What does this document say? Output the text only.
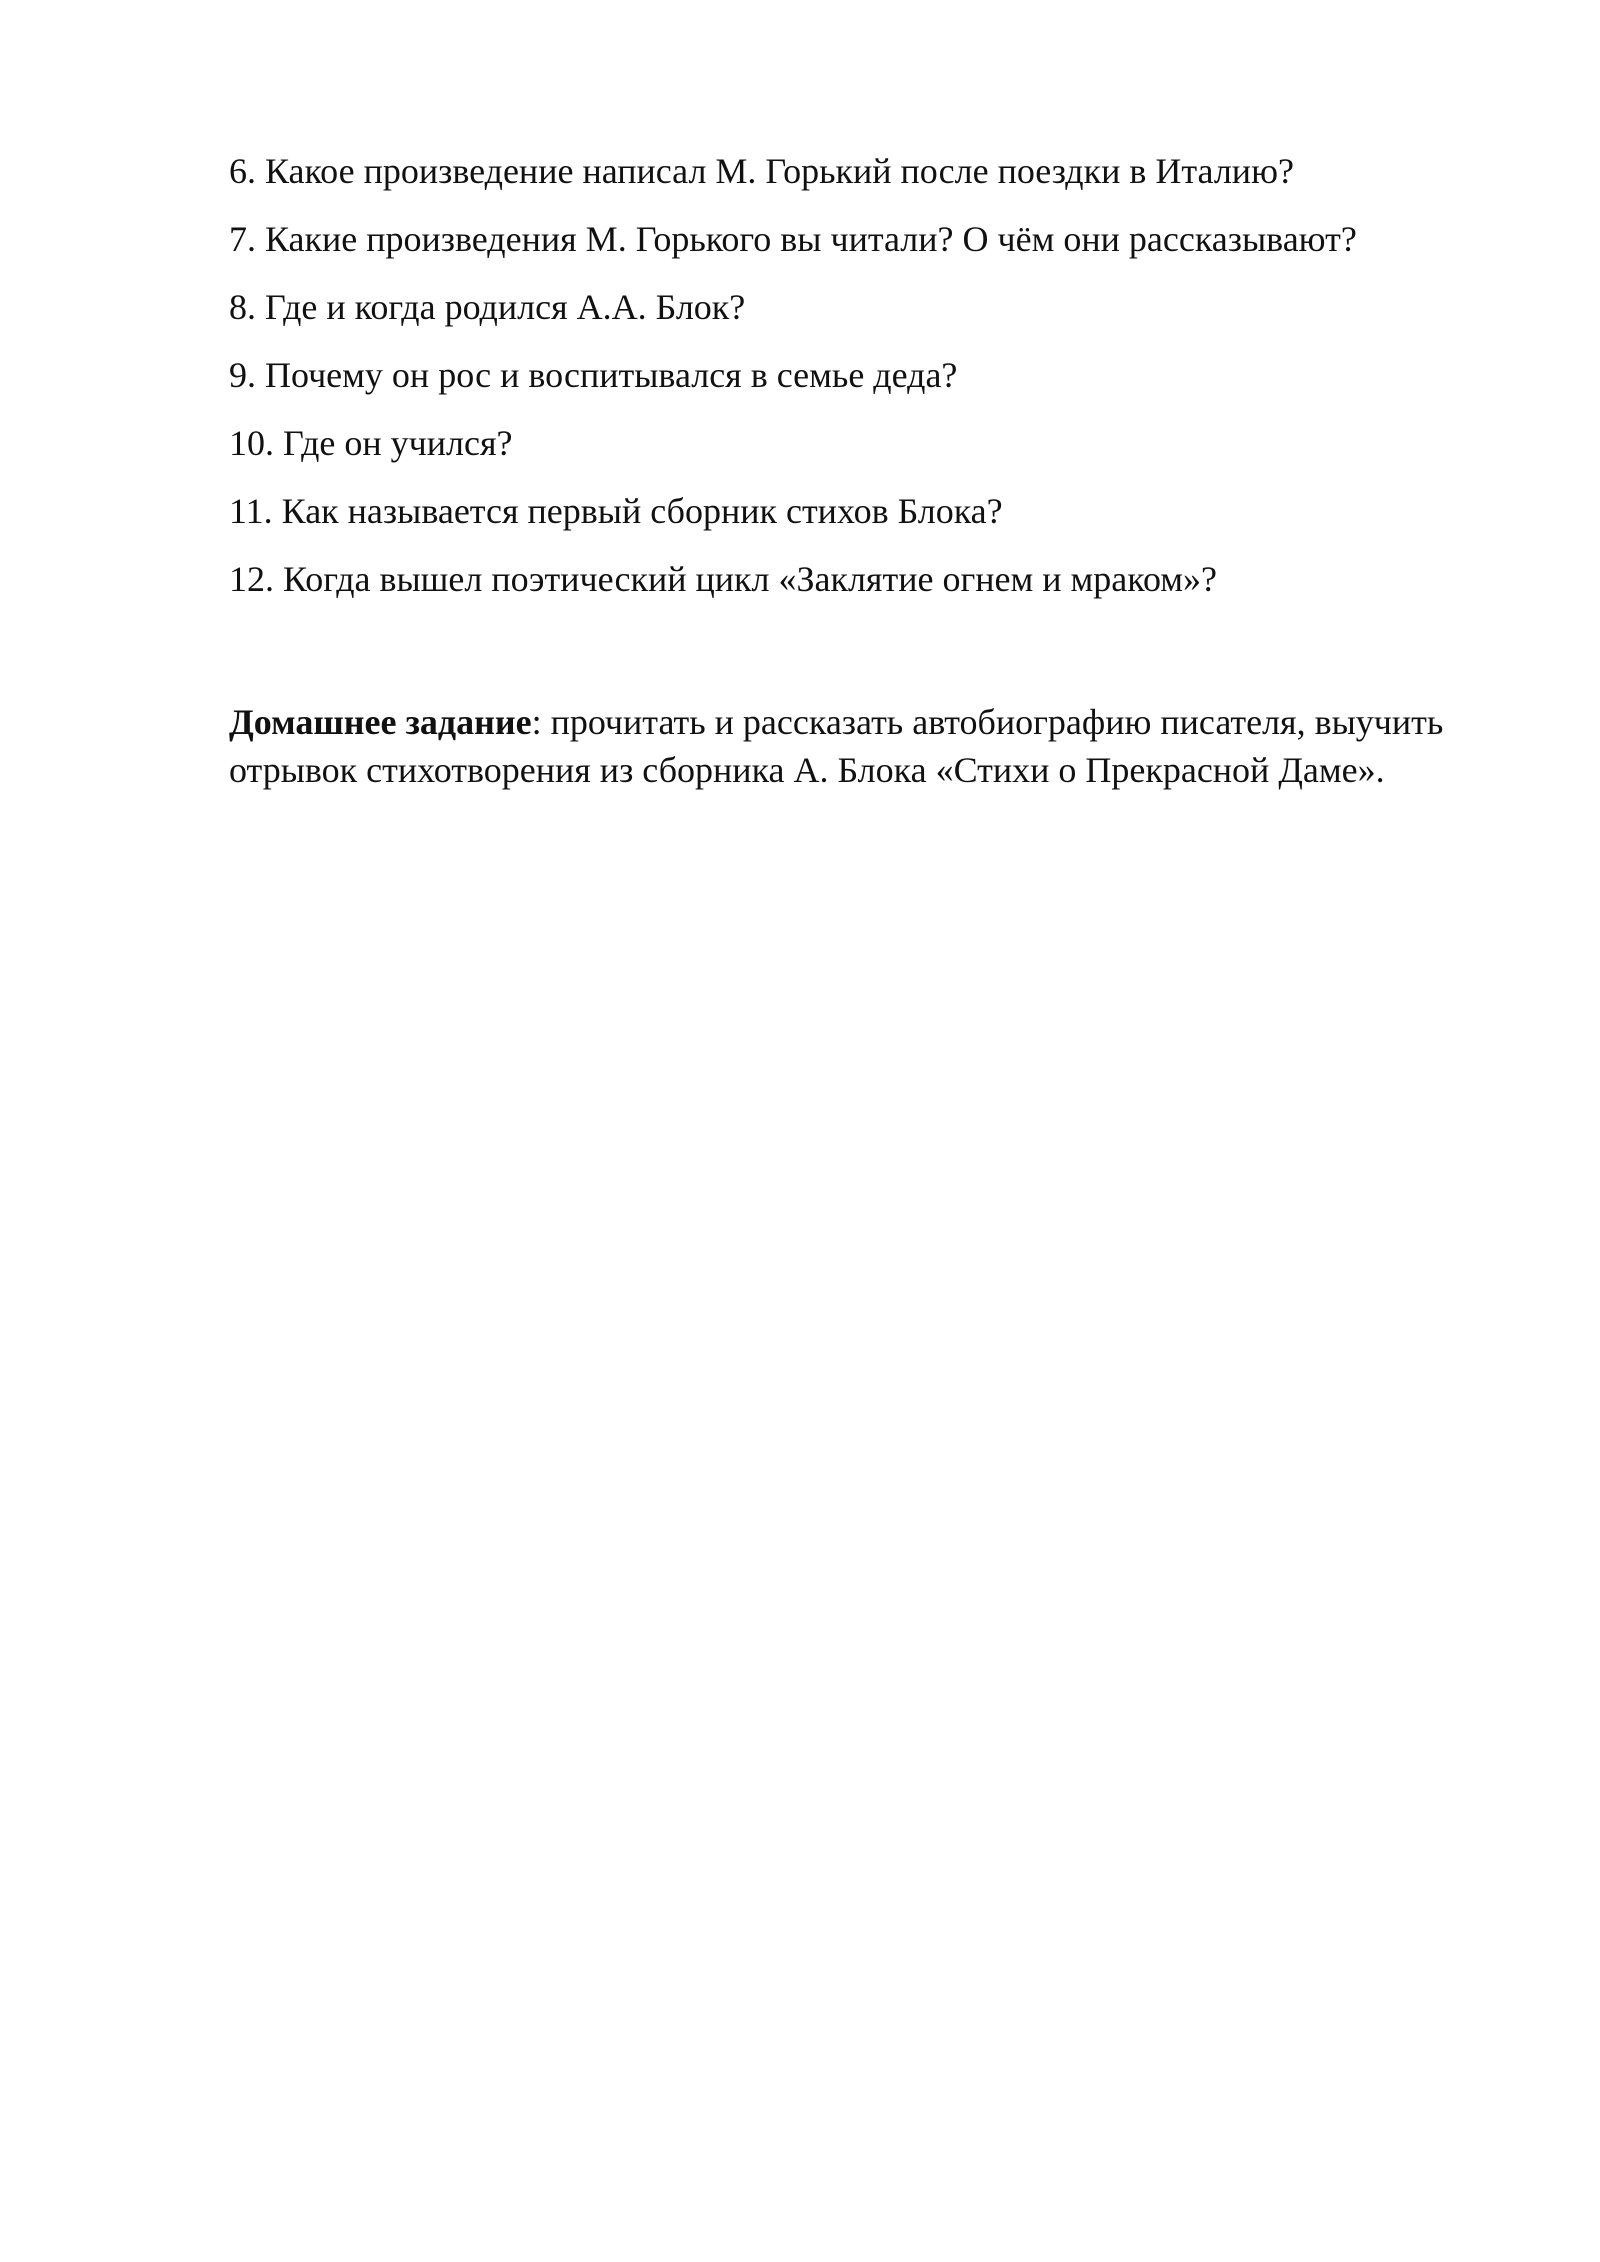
6. Какое произведение написал М. Горький после поездки в Италию?
7. Какие произведения М. Горького вы читали? О чём они рассказывают?
8. Где и когда родился А.А. Блок?
9. Почему он рос и воспитывался в семье деда?
10. Где он учился?
11. Как называется первый сборник стихов Блока?
12. Когда вышел поэтический цикл «Заклятие огнем и мраком»?

Домашнее задание: прочитать и рассказать автобиографию писателя, выучить отрывок стихотворения из сборника А. Блока «Стихи о Прекрасной Даме».
